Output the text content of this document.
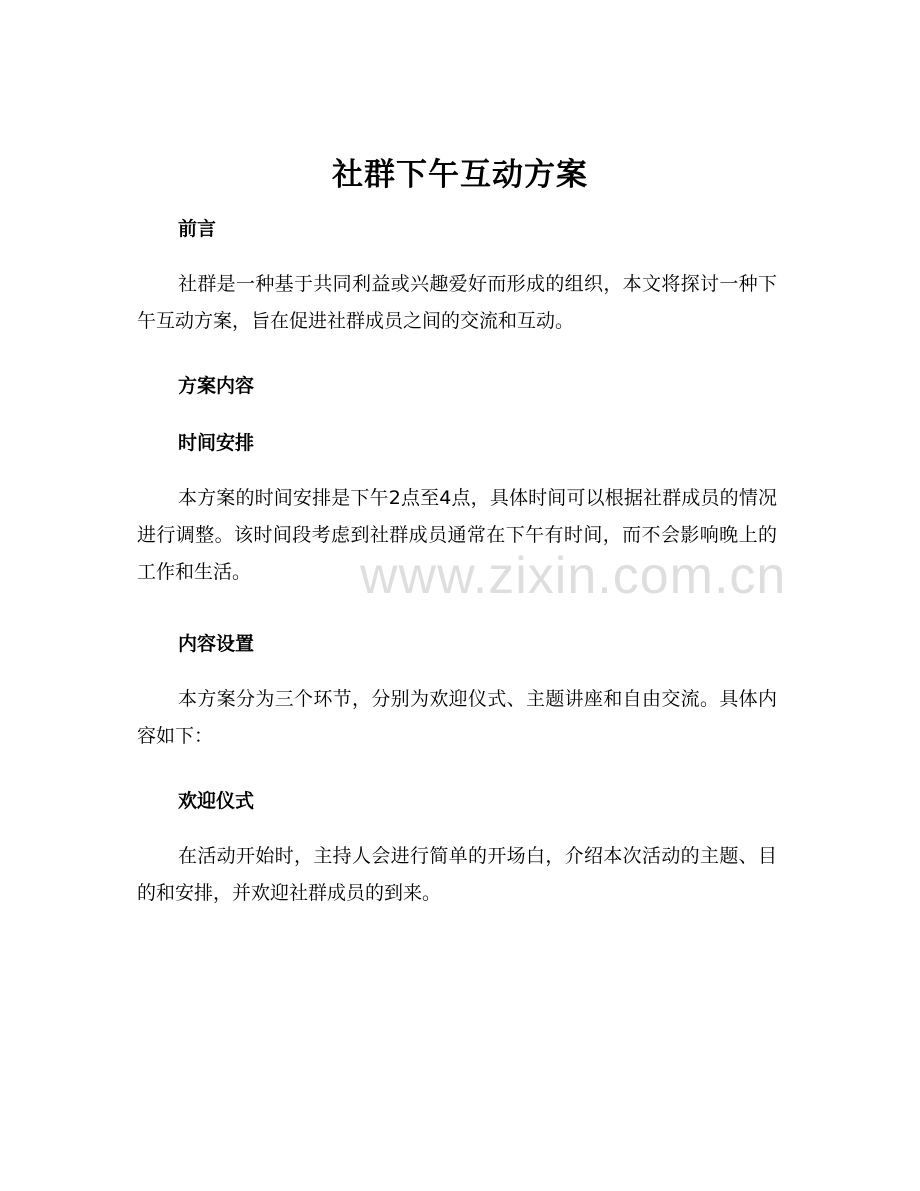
社群下午互动方案
前言
社群是一种基于共同利益或兴趣爱好而形成的组织，本文将探讨一种下午互动方案，旨在促进社群成员之间的交流和互动。
方案内容
时间安排
本方案的时间安排是下午2点至4点，具体时间可以根据社群成员的情况进行调整。该时间段考虑到社群成员通常在下午有时间，而不会影响晚上的工作和生活。
内容设置
本方案分为三个环节，分别为欢迎仪式、主题讲座和自由交流。具体内容如下：
欢迎仪式
在活动开始时，主持人会进行简单的开场白，介绍本次活动的主题、目的和安排，并欢迎社群成员的到来。
www.zixin.com.cn
